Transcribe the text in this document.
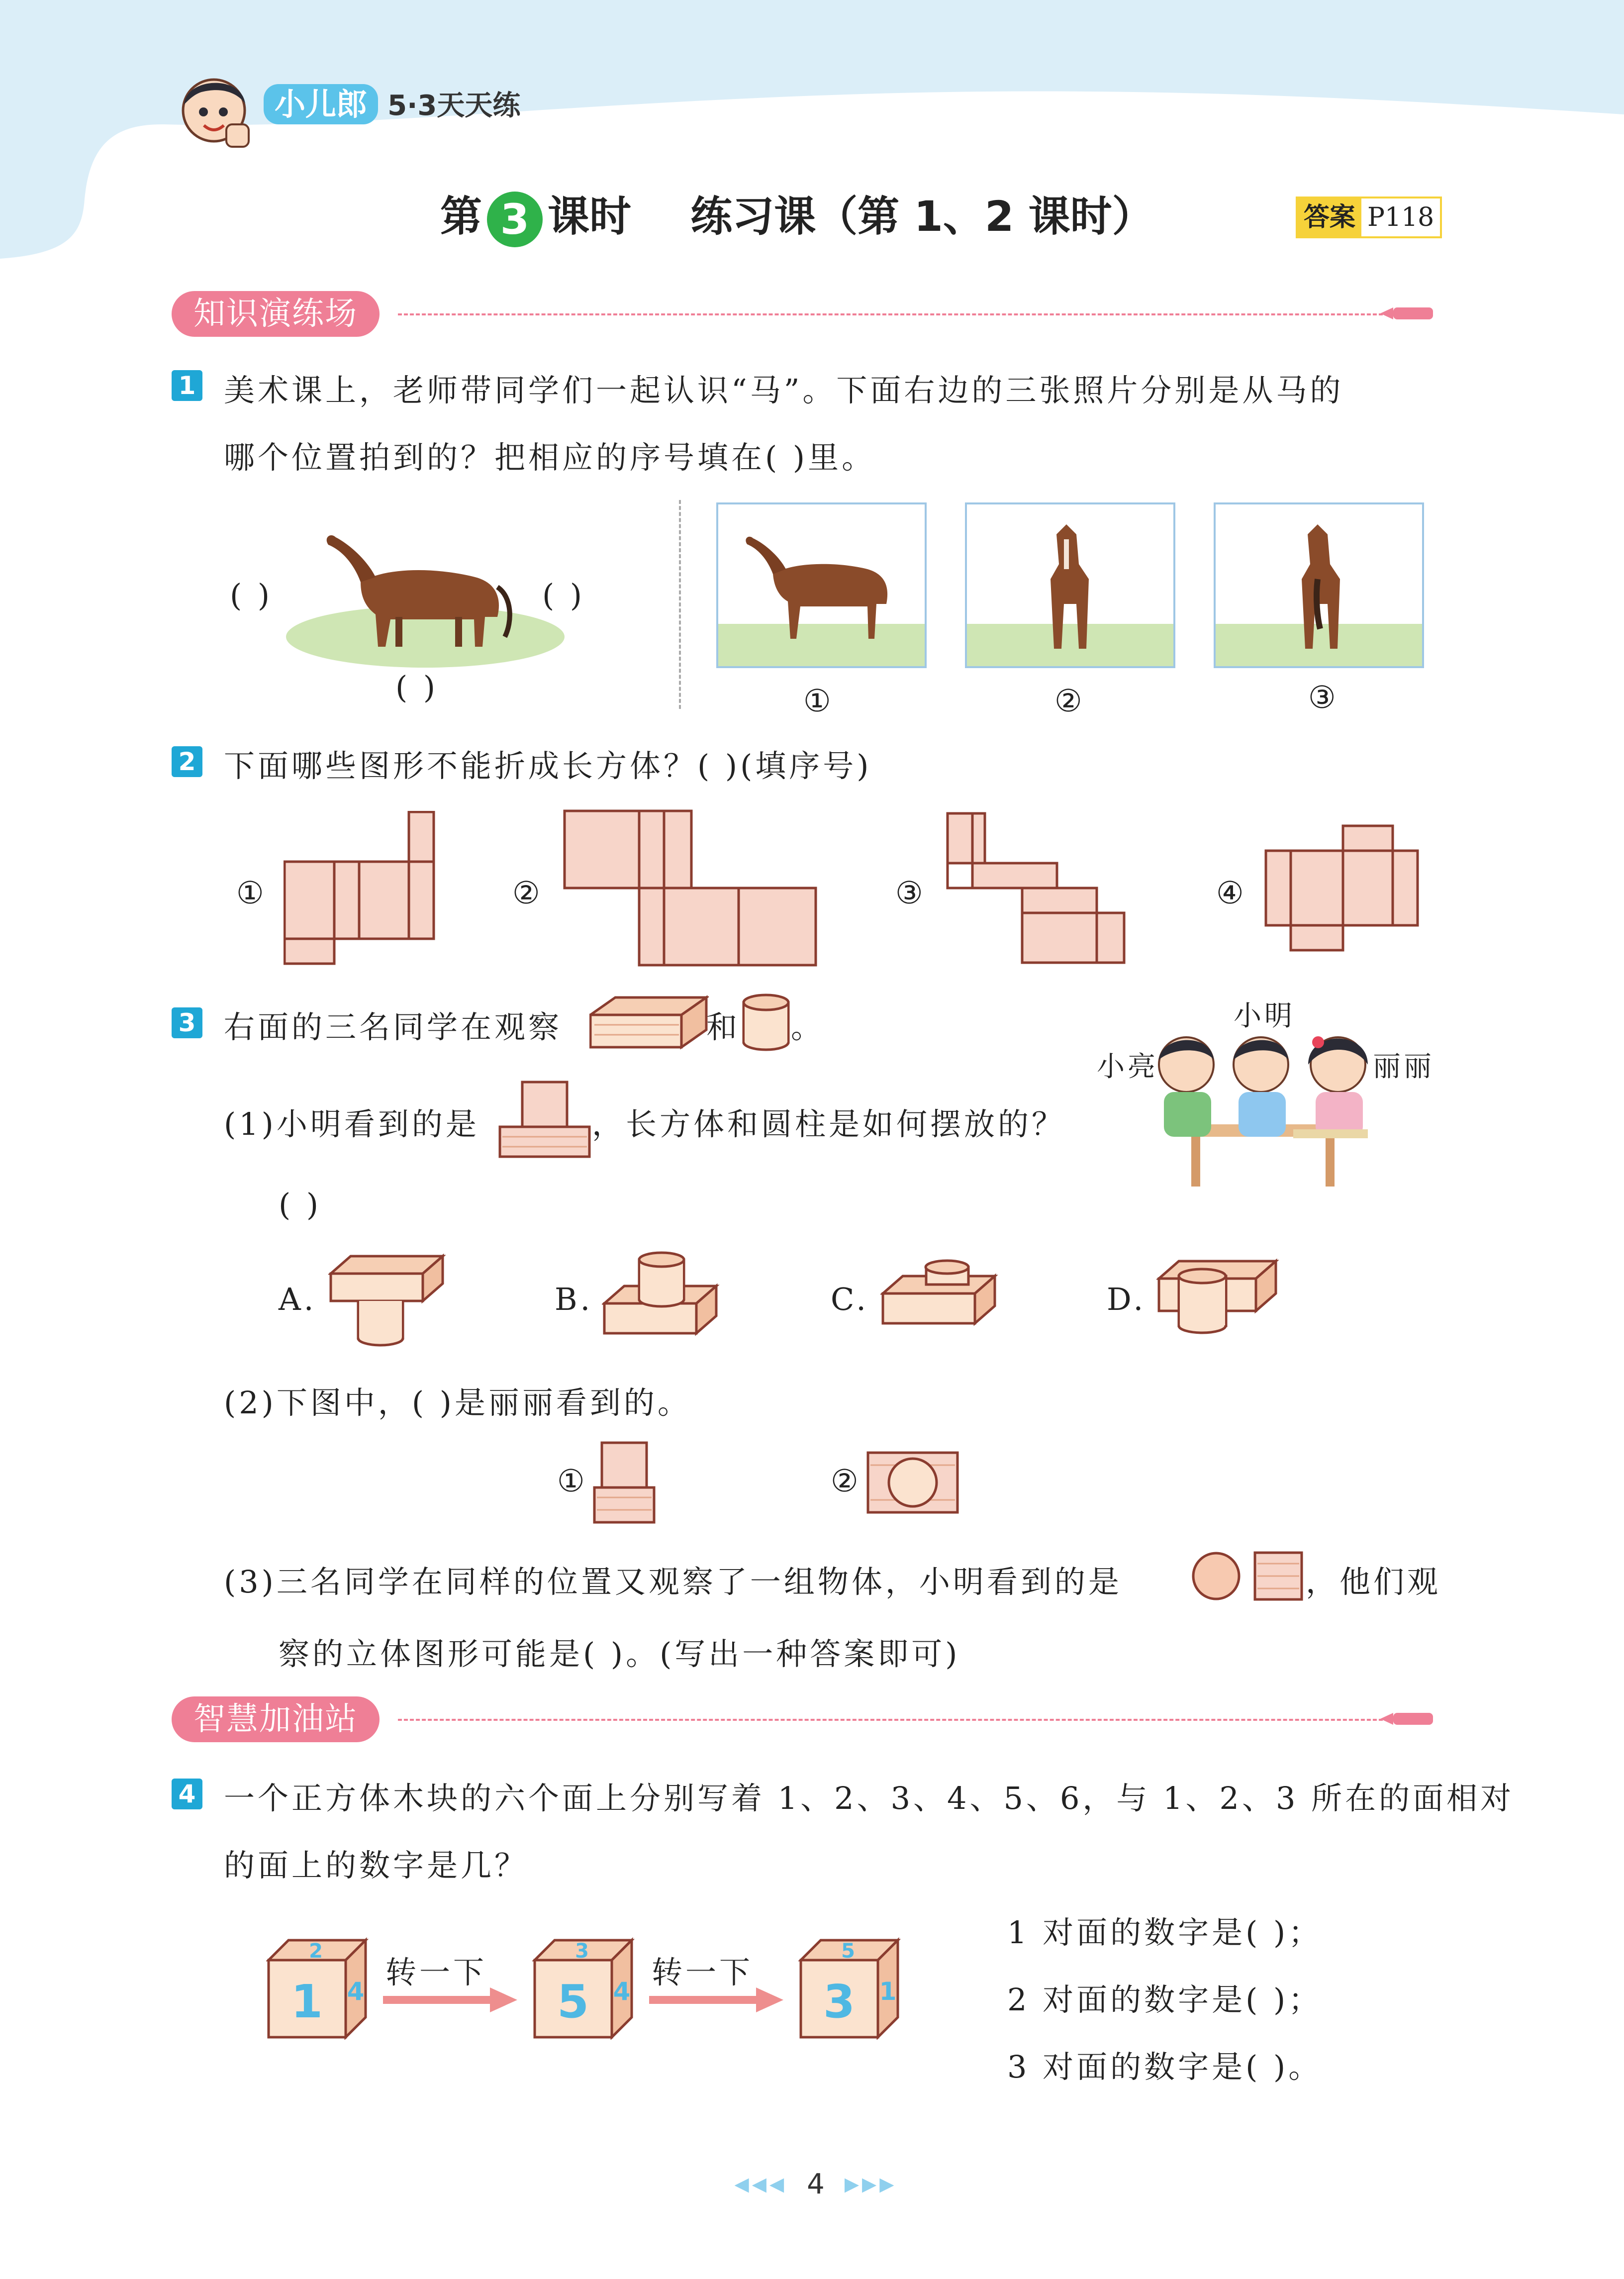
小儿郎 5·3天天练
第 3 课时 练习课（第 1、2 课时）	答案 P118
知识演练场
1 美术课上，老师带同学们一起认识“马”。下面右边的三张照片分别是从马的
哪个位置拍到的？把相应的序号填在( )里。
( )	( )
( )	①	②	③
2 下面哪些图形不能折成长方体？( )(填序号)
①	②	③	④
3 右面的三名同学在观察	和 。
小亮
小明
丽丽
(1)小明看到的是	，长方体和圆柱是如何摆放的？
( )
A.	B.	C.	D.
(2)下图中，( )是丽丽看到的。
①	②
(3)三名同学在同样的位置又观察了一组物体，小明看到的是	，他们观
察的立体图形可能是( )。(写出一种答案即可)
智慧加油站
4 一个正方体木块的六个面上分别写着 1、2、3、4、5、6，与 1、2、3 所在的面相对
的面上的数字是几？
2
1 4
转一下
3
5 4
转一下
5
3 1
1 对面的数字是( )；
2 对面的数字是( )；
3 对面的数字是( )。
◀◀◀ 4 ▶▶▶
